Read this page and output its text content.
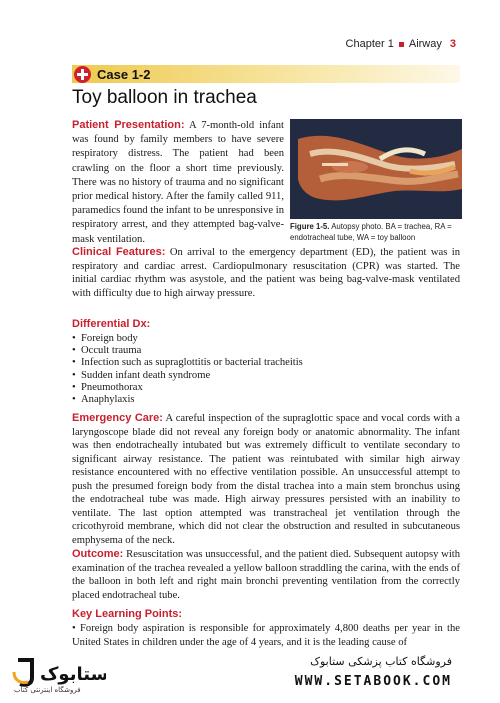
Chapter 1 Airway 3
Case 1-2
Toy balloon in trachea
Patient Presentation: A 7-month-old infant was found by family members to have severe respiratory distress. The patient had been crawling on the floor a short time previously. There was no history of trauma and no significant prior medical history. After the family called 911, paramedics found the infant to be unresponsive in respiratory arrest, and they attempted bag-valve-mask ventilation.
Figure 1-5. Autopsy photo. BA = trachea, RA = endotracheal tube, WA = toy balloon
Clinical Features: On arrival to the emergency department (ED), the patient was in respiratory and cardiac arrest. Cardiopulmonary resuscitation (CPR) was started. The initial cardiac rhythm was asystole, and the patient was being bag-valve-mask ventilated with difficulty due to high airway pressure.
Differential Dx:
• Foreign body
• Occult trauma
• Infection such as supraglottitis or bacterial tracheitis
• Sudden infant death syndrome
• Pneumothorax
• Anaphylaxis
Emergency Care: A careful inspection of the supraglottic space and vocal cords with a laryngoscope blade did not reveal any foreign body or anatomic abnormality. The infant was then endotracheally intubated but was extremely difficult to ventilate secondary to significant airway resistance. The patient was reintubated with similar high airway resistance encountered with no effective ventilation possible. An unsuccessful attempt to push the presumed foreign body from the distal trachea into a main stem bronchus using the endotracheal tube was made. High airway pressures persisted with an inability to ventilate. The last option attempted was transtracheal jet ventilation through the cricothyroid membrane, which did not clear the obstruction and resulted in subcutaneous emphysema of the neck.
Outcome: Resuscitation was unsuccessful, and the patient died. Subsequent autopsy with examination of the trachea revealed a yellow balloon straddling the carina, with the ends of the balloon in both left and right main bronchi preventing ventilation from the correctly placed endotracheal tube.
Key Learning Points:
• Foreign body aspiration is responsible for approximately 4,800 deaths per year in the United States in children under the age of 4 years, and it is the leading cause of
ستابوک
فروشگاه اینترنتی کتاب
فروشگاه کتاب پزشکی ستابوک
WWW.SETABOOK.COM
